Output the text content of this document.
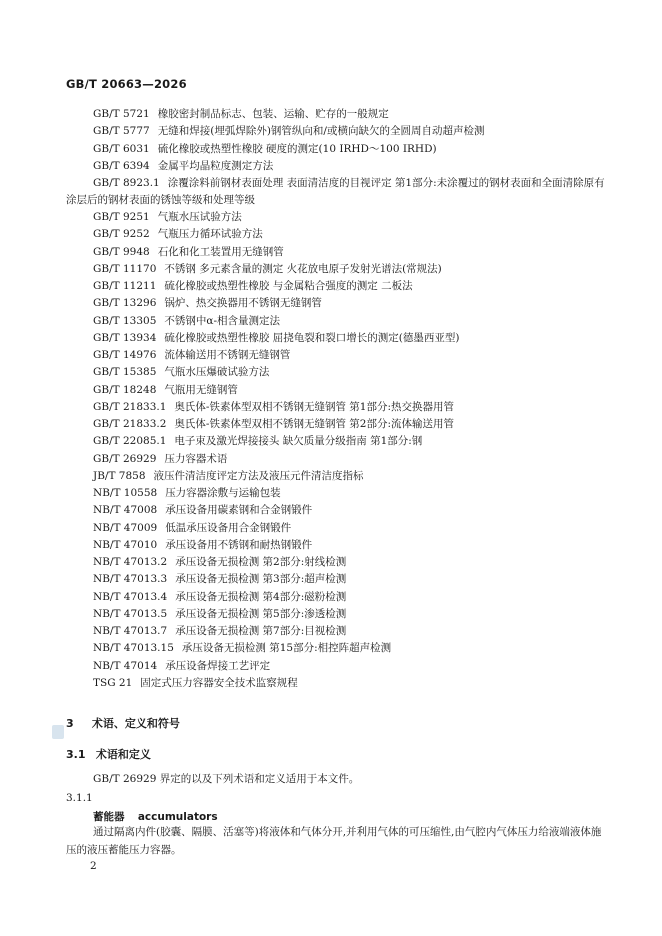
GB/T 20663—2026
GB/T 5721 橡胶密封制品标志、包装、运输、贮存的一般规定
GB/T 5777 无缝和焊接(埋弧焊除外)钢管纵向和/或横向缺欠的全圆周自动超声检测
GB/T 6031 硫化橡胶或热塑性橡胶 硬度的测定(10 IRHD～100 IRHD)
GB/T 6394 金属平均晶粒度测定方法
GB/T 8923.1 涂覆涂料前钢材表面处理 表面清洁度的目视评定 第1部分:未涂覆过的钢材表面和全面清除原有涂层后的钢材表面的锈蚀等级和处理等级
GB/T 9251 气瓶水压试验方法
GB/T 9252 气瓶压力循环试验方法
GB/T 9948 石化和化工装置用无缝钢管
GB/T 11170 不锈钢 多元素含量的测定 火花放电原子发射光谱法(常规法)
GB/T 11211 硫化橡胶或热塑性橡胶 与金属粘合强度的测定 二板法
GB/T 13296 锅炉、热交换器用不锈钢无缝钢管
GB/T 13305 不锈钢中α-相含量测定法
GB/T 13934 硫化橡胶或热塑性橡胶 屈挠龟裂和裂口增长的测定(德墨西亚型)
GB/T 14976 流体输送用不锈钢无缝钢管
GB/T 15385 气瓶水压爆破试验方法
GB/T 18248 气瓶用无缝钢管
GB/T 21833.1 奥氏体-铁素体型双相不锈钢无缝钢管 第1部分:热交换器用管
GB/T 21833.2 奥氏体-铁素体型双相不锈钢无缝钢管 第2部分:流体输送用管
GB/T 22085.1 电子束及激光焊接接头 缺欠质量分级指南 第1部分:钢
GB/T 26929 压力容器术语
JB/T 7858 液压件清洁度评定方法及液压元件清洁度指标
NB/T 10558 压力容器涂敷与运输包装
NB/T 47008 承压设备用碳素钢和合金钢锻件
NB/T 47009 低温承压设备用合金钢锻件
NB/T 47010 承压设备用不锈钢和耐热钢锻件
NB/T 47013.2 承压设备无损检测 第2部分:射线检测
NB/T 47013.3 承压设备无损检测 第3部分:超声检测
NB/T 47013.4 承压设备无损检测 第4部分:磁粉检测
NB/T 47013.5 承压设备无损检测 第5部分:渗透检测
NB/T 47013.7 承压设备无损检测 第7部分:目视检测
NB/T 47013.15 承压设备无损检测 第15部分:相控阵超声检测
NB/T 47014 承压设备焊接工艺评定
TSG 21 固定式压力容器安全技术监察规程
3 术语、定义和符号
3.1 术语和定义
GB/T 26929 界定的以及下列术语和定义适用于本文件。
3.1.1
蓄能器 accumulators
通过隔离内件(胶囊、隔膜、活塞等)将液体和气体分开,并利用气体的可压缩性,由气腔内气体压力给液端液体施压的液压蓄能压力容器。
2
